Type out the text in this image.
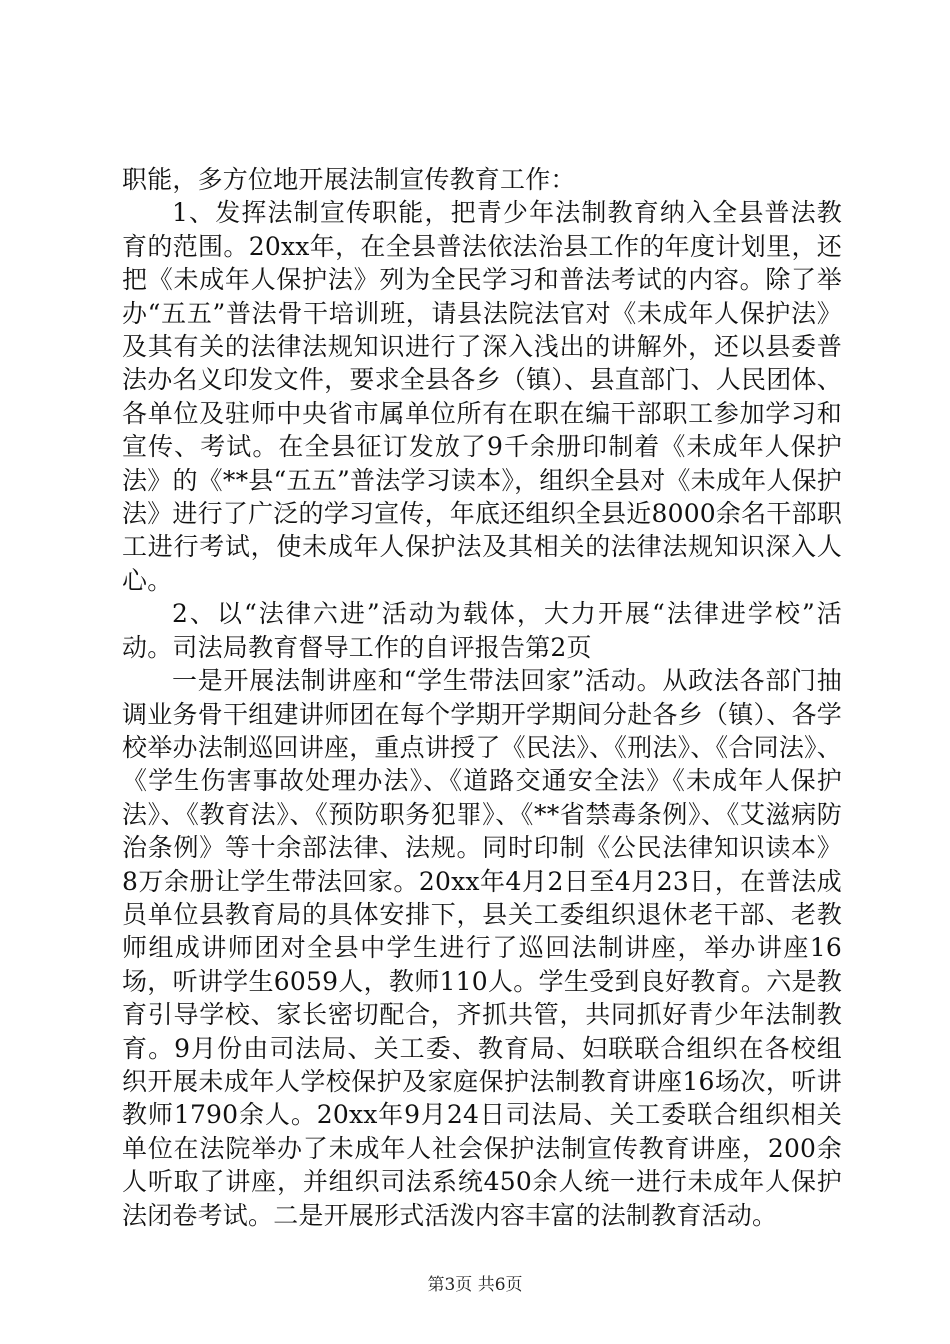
职能，多方位地开展法制宣传教育工作：

1、发挥法制宣传职能，把青少年法制教育纳入全县普法教育的范围。20xx年，在全县普法依法治县工作的年度计划里，还把《未成年人保护法》列为全民学习和普法考试的内容。除了举办“五五”普法骨干培训班，请县法院法官对《未成年人保护法》及其有关的法律法规知识进行了深入浅出的讲解外，还以县委普法办名义印发文件，要求全县各乡（镇）、县直部门、人民团体、各单位及驻师中央省市属单位所有在职在编干部职工参加学习和宣传、考试。在全县征订发放了9千余册印制着《未成年人保护法》的《**县“五五”普法学习读本》，组织全县对《未成年人保护法》进行了广泛的学习宣传，年底还组织全县近8000余名干部职工进行考试，使未成年人保护法及其相关的法律法规知识深入人心。

2、以“法律六进”活动为载体，大力开展“法律进学校”活动。司法局教育督导工作的自评报告第2页

一是开展法制讲座和“学生带法回家”活动。从政法各部门抽调业务骨干组建讲师团在每个学期开学期间分赴各乡（镇）、各学校举办法制巡回讲座，重点讲授了《民法》、《刑法》、《合同法》、《学生伤害事故处理办法》、《道路交通安全法》《未成年人保护法》、《教育法》、《预防职务犯罪》、《**省禁毒条例》、《艾滋病防治条例》等十余部法律、法规。同时印制《公民法律知识读本》8万余册让学生带法回家。20xx年4月2日至4月23日，在普法成员单位县教育局的具体安排下，县关工委组织退休老干部、老教师组成讲师团对全县中学生进行了巡回法制讲座，举办讲座16场，听讲学生6059人，教师110人。学生受到良好教育。六是教育引导学校、家长密切配合，齐抓共管，共同抓好青少年法制教育。9月份由司法局、关工委、教育局、妇联联合组织在各校组织开展未成年人学校保护及家庭保护法制教育讲座16场次，听讲教师1790余人。20xx年9月24日司法局、关工委联合组织相关单位在法院举办了未成年人社会保护法制宣传教育讲座，200余人听取了讲座，并组织司法系统450余人统一进行未成年人保护法闭卷考试。二是开展形式活泼内容丰富的法制教育活动。

第3页 共6页
